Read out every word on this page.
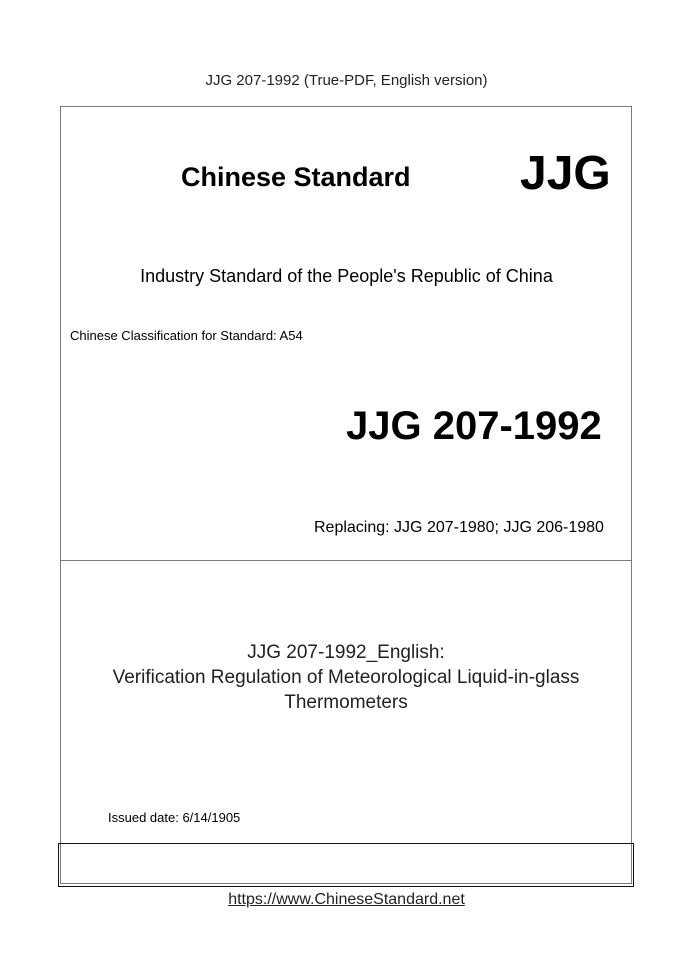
JJG 207-1992 (True-PDF, English version)
Chinese Standard JJG
Industry Standard of the People's Republic of China
Chinese Classification for Standard: A54
JJG 207-1992
Replacing: JJG 207-1980; JJG 206-1980
JJG 207-1992_English:
Verification Regulation of Meteorological Liquid-in-glass
Thermometers
Issued date: 6/14/1905
https://www.ChineseStandard.net
